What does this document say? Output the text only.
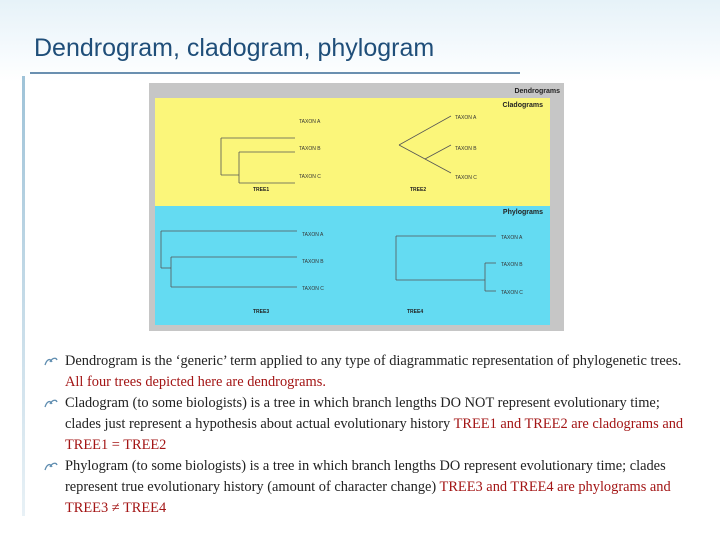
Dendrogram, cladogram, phylogram
Dendrograms
Cladograms
Phylograms
TAXON A
TAXON B
TAXON C
TREE1
TAXON A
TAXON B
TAXON C
TREE2
TAXON A
TAXON B
TAXON C
TREE3
TAXON A
TAXON B
TAXON C
TREE4

Dendrogram is the ‘generic’ term applied to any type of diagrammatic representation of phylogenetic trees. All four trees depicted here are dendrograms.

Cladogram (to some biologists) is a tree in which branch lengths DO NOT represent evolutionary time; clades just represent a hypothesis about actual evolutionary history TREE1 and TREE2 are cladograms and TREE1 = TREE2

Phylogram (to some biologists) is a tree in which branch lengths DO represent evolutionary time; clades represent true evolutionary history (amount of character change) TREE3 and TREE4 are phylograms and TREE3 ≠ TREE4
